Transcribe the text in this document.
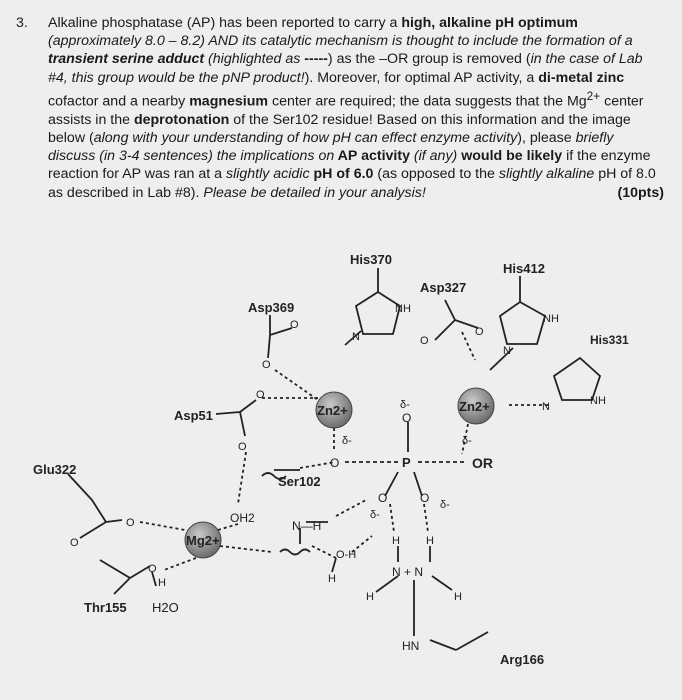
3. Alkaline phosphatase (AP) has been reported to carry a high, alkaline pH optimum (approximately 8.0 – 8.2) AND its catalytic mechanism is thought to include the formation of a transient serine adduct (highlighted as -----) as the –OR group is removed (in the case of Lab #4, this group would be the pNP product!). Moreover, for optimal AP activity, a di-metal zinc cofactor and a nearby magnesium center are required; the data suggests that the $Mg^{2+}$ center assists in the deprotonation of the Ser102 residue! Based on this information and the image below (along with your understanding of how pH can effect enzyme activity), please briefly discuss (in 3-4 sentences) the implications on AP activity (if any) would be likely if the enzyme reaction for AP was ran at a slightly acidic pH of 6.0 (as opposed to the slightly alkaline pH of 8.0 as described in Lab #8). Please be detailed in your analysis!	(10pts)

His370
NH
N
His412
NH
N
Asp327
O
O
Asp369
O
O
His331
NH
N
Asp51
O
O
Zn2+	Zn2+
O
δ-
O
δ-
P	OR
δ-
O	O δ-
δ-
Glu322
O
O
Mg2+
OH2
O
H
Thr155 H2O
Ser102
N—H
O-H
H
H H
N + N
H	H
HN
Arg166
